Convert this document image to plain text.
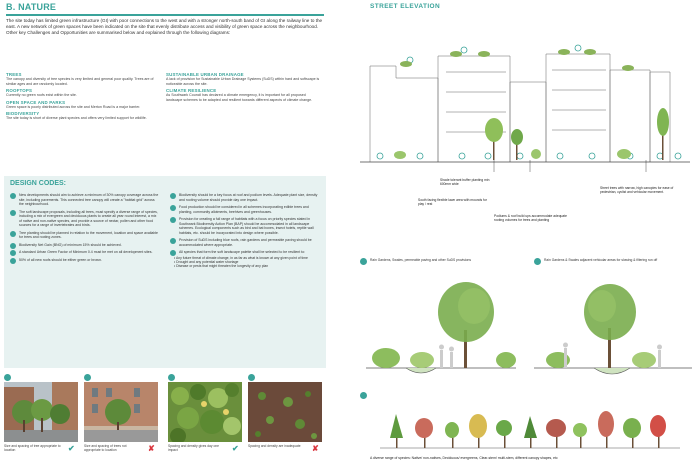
B. NATURE
The site today has limited green infrastructure (GI) with poor connections to the west and with a stronger north-south band of GI along the railway line to the east. A new network of green spaces have been indicated on the site that evenly distribute access and visibility of green space across the neighbourhood. Other key Challenges and Opportunities are summarised below and explained through the following diagrams:
TREES
The canopy and diversity of tree species is very limited and general poor quality. Trees are of similar ages and are randomly located.
ROOFTOPS
Currently no green roofs exist within the site.
OPEN SPACE AND PARKS
Green space is poorly distributed across the site and Merton Road is a major barrier.
BIODIVERSITY
The site today is short of diverse plant species and offers very limited support for wildlife.
SUSTAINABLE URBAN DRAINAGE
A lack of provision for Sustainable Urban Drainage Systems (SuDS) within hard and softscape is noticeable across the site.
CLIMATE RESILIENCE
As Southwark Council has declared a climate emergency, it is important for all proposed landscape schemes to be adapted and resilient towards different aspects of climate change.
DESIGN CODES:
New developments should aim to achieve a minimum of 30% canopy coverage across the site, including pavements. This connected tree canopy will create a "habitat grid" across the neighbourhood.
The soft landscape proposals, including all trees, must specify a diverse range of species, including a mix of evergreen and deciduous plants to create all year round interest, a mix of native and non-native species, and provide a source of nectar, pollen and other food sources for a range of invertebrates and birds.
Tree planting should be planned in relation to the movement, location and space available for trees and rooting zones.
Biodiversity Net Gain (BNG) of minimum 15% should be achieved.
A standard Urban Green Factor of Minimum 0.4 must be met on all development sites.
50% of all new roofs should be either green or brown.
Biodiversity should be a key focus at roof and podium levels. Adequate plant size, density and rooting volume should provide day one impact.
Food production should be considered in all schemes incorporating edible trees and planting, community allotments, beehives and greenhouses.
Provision for creating a full range of habitats with a focus on priority species stated in Southwark Biodiversity Action Plan (BAP) should be accommodated in all landscape schemes. Ecological components such as bird and bat boxes, insect hotels, reptile wall habitats, etc. should be incorporated into design where possible.
Provision of SuDS including blue roofs, rain gardens and permeable paving should be accommodated where appropriate.
All species that form the soft landscape palette shall be selected to be resilient to:
• Any future threat of climate change, in as far as what is known at any given point of time
• Drought and any potential water shortage
• Disease or pests that might threaten the longevity of any plan
Size and spacing of tree appropriate to location	✔	Size and spacing of trees not appropriate to location	✘	Spacing and density gives day one impact	✔	Spacing and density are inadequate	✘
STREET ELEVATION
Shade tolerant buffer planting min 600mm wide
South facing flexible lawn area with mounds for play / rest
Podiums & roof build ups accommodate adequate rooting volumes for trees and planting
Street trees with narrow, high canopies for ease of pedestrian, cyclist and vehicular movement.
Rain Gardens, Swales, permeable paving and other SuDS provisions	Rain Gardens & Swales adjacent vehicular areas for slowing & filtering run off
A diverse range of species: Native/ non-natives, Deciduous/ evergreens, Clear-stem/ multi-stem, different canopy shapes, etc
